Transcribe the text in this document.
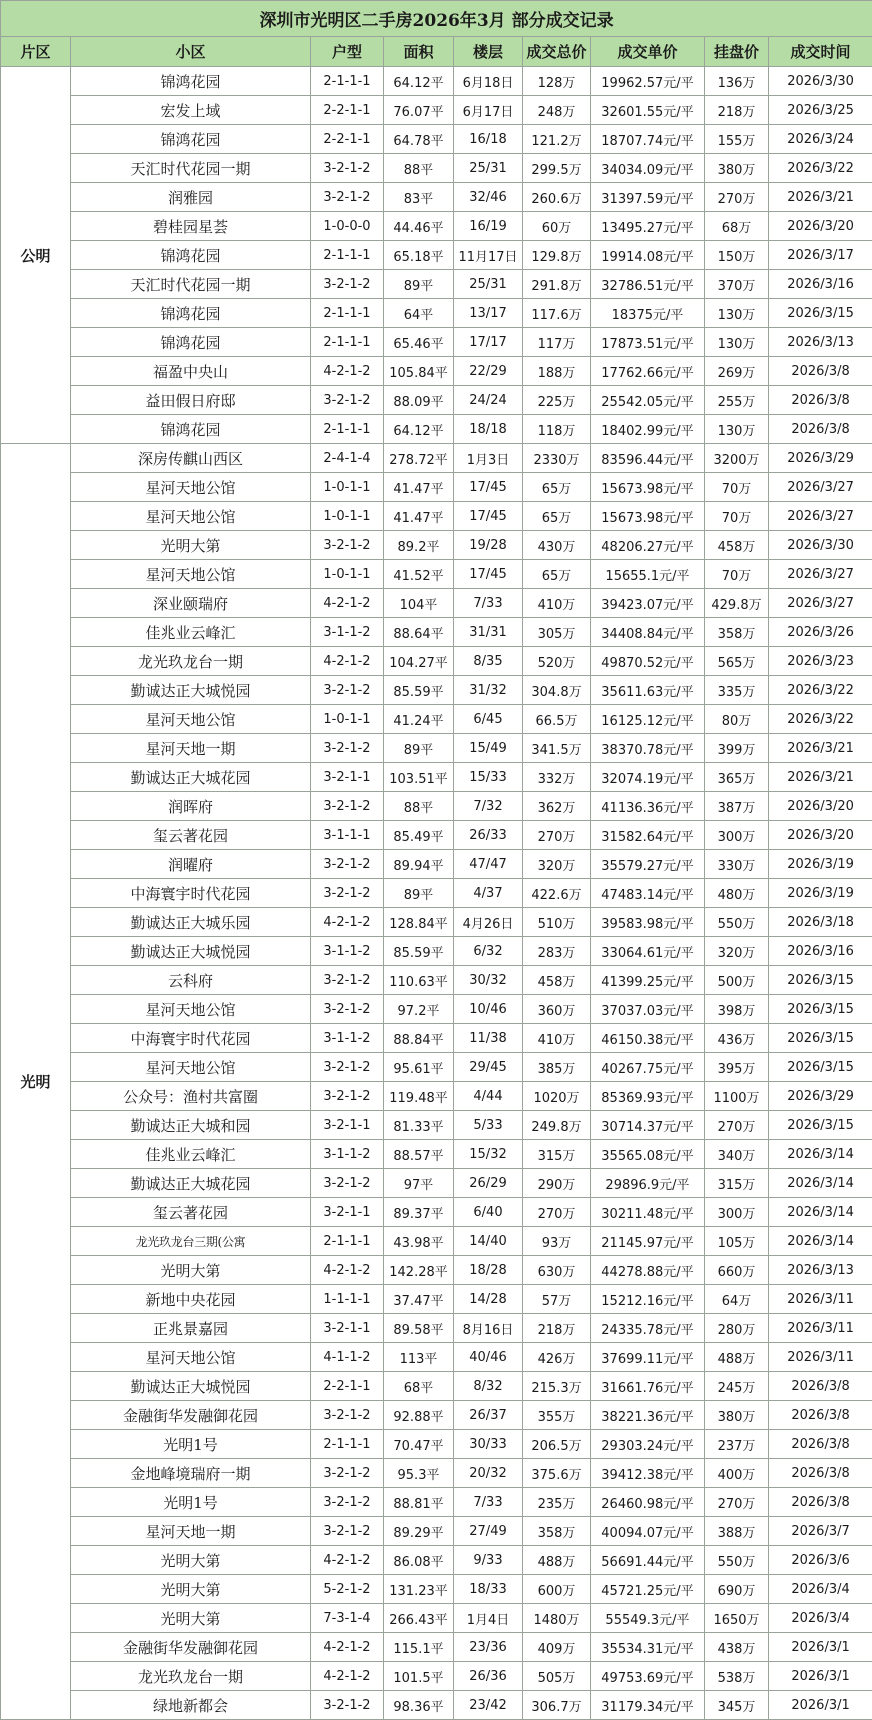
深圳市光明区二手房2026年3月 部分成交记录								
片区	小区	户型	面积	楼层	成交总价	成交单价	挂盘价	成交时间
公明	锦鸿花园	2-1-1-1	64.12平	6月18日	128万	19962.57元/平	136万	2026/3/30
	宏发上域	2-2-1-1	76.07平	6月17日	248万	32601.55元/平	218万	2026/3/25
	锦鸿花园	2-2-1-1	64.78平	16/18	121.2万	18707.74元/平	155万	2026/3/24
	天汇时代花园一期	3-2-1-2	88平	25/31	299.5万	34034.09元/平	380万	2026/3/22
	润雅园	3-2-1-2	83平	32/46	260.6万	31397.59元/平	270万	2026/3/21
	碧桂园星荟	1-0-0-0	44.46平	16/19	60万	13495.27元/平	68万	2026/3/20
	锦鸿花园	2-1-1-1	65.18平	11月17日	129.8万	19914.08元/平	150万	2026/3/17
	天汇时代花园一期	3-2-1-2	89平	25/31	291.8万	32786.51元/平	370万	2026/3/16
	锦鸿花园	2-1-1-1	64平	13/17	117.6万	18375元/平	130万	2026/3/15
	锦鸿花园	2-1-1-1	65.46平	17/17	117万	17873.51元/平	130万	2026/3/13
	福盈中央山	4-2-1-2	105.84平	22/29	188万	17762.66元/平	269万	2026/3/8
	益田假日府邸	3-2-1-2	88.09平	24/24	225万	25542.05元/平	255万	2026/3/8
	锦鸿花园	2-1-1-1	64.12平	18/18	118万	18402.99元/平	130万	2026/3/8
光明	深房传麒山西区	2-4-1-4	278.72平	1月3日	2330万	83596.44元/平	3200万	2026/3/29
	星河天地公馆	1-0-1-1	41.47平	17/45	65万	15673.98元/平	70万	2026/3/27
	星河天地公馆	1-0-1-1	41.47平	17/45	65万	15673.98元/平	70万	2026/3/27
	光明大第	3-2-1-2	89.2平	19/28	430万	48206.27元/平	458万	2026/3/30
	星河天地公馆	1-0-1-1	41.52平	17/45	65万	15655.1元/平	70万	2026/3/27
	深业颐瑞府	4-2-1-2	104平	7/33	410万	39423.07元/平	429.8万	2026/3/27
	佳兆业云峰汇	3-1-1-2	88.64平	31/31	305万	34408.84元/平	358万	2026/3/26
	龙光玖龙台一期	4-2-1-2	104.27平	8/35	520万	49870.52元/平	565万	2026/3/23
	勤诚达正大城悦园	3-2-1-2	85.59平	31/32	304.8万	35611.63元/平	335万	2026/3/22
	星河天地公馆	1-0-1-1	41.24平	6/45	66.5万	16125.12元/平	80万	2026/3/22
	星河天地一期	3-2-1-2	89平	15/49	341.5万	38370.78元/平	399万	2026/3/21
	勤诚达正大城花园	3-2-1-1	103.51平	15/33	332万	32074.19元/平	365万	2026/3/21
	润晖府	3-2-1-2	88平	7/32	362万	41136.36元/平	387万	2026/3/20
	玺云著花园	3-1-1-1	85.49平	26/33	270万	31582.64元/平	300万	2026/3/20
	润曜府	3-2-1-2	89.94平	47/47	320万	35579.27元/平	330万	2026/3/19
	中海寰宇时代花园	3-2-1-2	89平	4/37	422.6万	47483.14元/平	480万	2026/3/19
	勤诚达正大城乐园	4-2-1-2	128.84平	4月26日	510万	39583.98元/平	550万	2026/3/18
	勤诚达正大城悦园	3-1-1-2	85.59平	6/32	283万	33064.61元/平	320万	2026/3/16
	云科府	3-2-1-2	110.63平	30/32	458万	41399.25元/平	500万	2026/3/15
	星河天地公馆	3-2-1-2	97.2平	10/46	360万	37037.03元/平	398万	2026/3/15
	中海寰宇时代花园	3-1-1-2	88.84平	11/38	410万	46150.38元/平	436万	2026/3/15
	星河天地公馆	3-2-1-2	95.61平	29/45	385万	40267.75元/平	395万	2026/3/15
	公众号：渔村共富圈	3-2-1-2	119.48平	4/44	1020万	85369.93元/平	1100万	2026/3/29
	勤诚达正大城和园	3-2-1-1	81.33平	5/33	249.8万	30714.37元/平	270万	2026/3/15
	佳兆业云峰汇	3-1-1-2	88.57平	15/32	315万	35565.08元/平	340万	2026/3/14
	勤诚达正大城花园	3-2-1-2	97平	26/29	290万	29896.9元/平	315万	2026/3/14
	玺云著花园	3-2-1-1	89.37平	6/40	270万	30211.48元/平	300万	2026/3/14
	龙光玖龙台三期(公寓	2-1-1-1	43.98平	14/40	93万	21145.97元/平	105万	2026/3/14
	光明大第	4-2-1-2	142.28平	18/28	630万	44278.88元/平	660万	2026/3/13
	新地中央花园	1-1-1-1	37.47平	14/28	57万	15212.16元/平	64万	2026/3/11
	正兆景嘉园	3-2-1-1	89.58平	8月16日	218万	24335.78元/平	280万	2026/3/11
	星河天地公馆	4-1-1-2	113平	40/46	426万	37699.11元/平	488万	2026/3/11
	勤诚达正大城悦园	2-2-1-1	68平	8/32	215.3万	31661.76元/平	245万	2026/3/8
	金融街华发融御花园	3-2-1-2	92.88平	26/37	355万	38221.36元/平	380万	2026/3/8
	光明1号	2-1-1-1	70.47平	30/33	206.5万	29303.24元/平	237万	2026/3/8
	金地峰境瑞府一期	3-2-1-2	95.3平	20/32	375.6万	39412.38元/平	400万	2026/3/8
	光明1号	3-2-1-2	88.81平	7/33	235万	26460.98元/平	270万	2026/3/8
	星河天地一期	3-2-1-2	89.29平	27/49	358万	40094.07元/平	388万	2026/3/7
	光明大第	4-2-1-2	86.08平	9/33	488万	56691.44元/平	550万	2026/3/6
	光明大第	5-2-1-2	131.23平	18/33	600万	45721.25元/平	690万	2026/3/4
	光明大第	7-3-1-4	266.43平	1月4日	1480万	55549.3元/平	1650万	2026/3/4
	金融街华发融御花园	4-2-1-2	115.1平	23/36	409万	35534.31元/平	438万	2026/3/1
	龙光玖龙台一期	4-2-1-2	101.5平	26/36	505万	49753.69元/平	538万	2026/3/1
	绿地新都会	3-2-1-2	98.36平	23/42	306.7万	31179.34元/平	345万	2026/3/1
